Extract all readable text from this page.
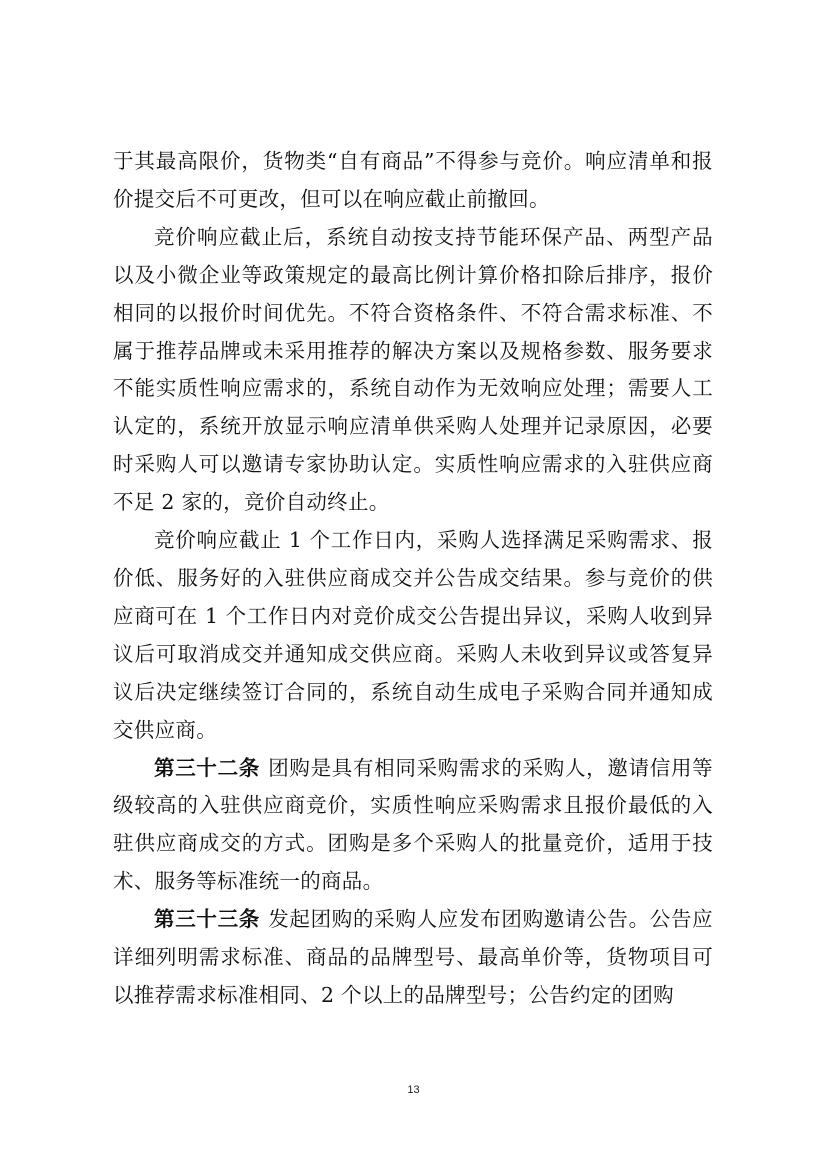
于其最高限价，货物类“自有商品”不得参与竞价。响应清单和报价提交后不可更改，但可以在响应截止前撤回。

竞价响应截止后，系统自动按支持节能环保产品、两型产品以及小微企业等政策规定的最高比例计算价格扣除后排序，报价相同的以报价时间优先。不符合资格条件、不符合需求标准、不属于推荐品牌或未采用推荐的解决方案以及规格参数、服务要求不能实质性响应需求的，系统自动作为无效响应处理；需要人工认定的，系统开放显示响应清单供采购人处理并记录原因，必要时采购人可以邀请专家协助认定。实质性响应需求的入驻供应商不足 2 家的，竞价自动终止。

竞价响应截止 1 个工作日内，采购人选择满足采购需求、报价低、服务好的入驻供应商成交并公告成交结果。参与竞价的供应商可在 1 个工作日内对竞价成交公告提出异议，采购人收到异议后可取消成交并通知成交供应商。采购人未收到异议或答复异议后决定继续签订合同的，系统自动生成电子采购合同并通知成交供应商。

第三十二条 团购是具有相同采购需求的采购人，邀请信用等级较高的入驻供应商竞价，实质性响应采购需求且报价最低的入驻供应商成交的方式。团购是多个采购人的批量竞价，适用于技术、服务等标准统一的商品。

第三十三条 发起团购的采购人应发布团购邀请公告。公告应详细列明需求标准、商品的品牌型号、最高单价等，货物项目可以推荐需求标准相同、2 个以上的品牌型号；公告约定的团购

13
